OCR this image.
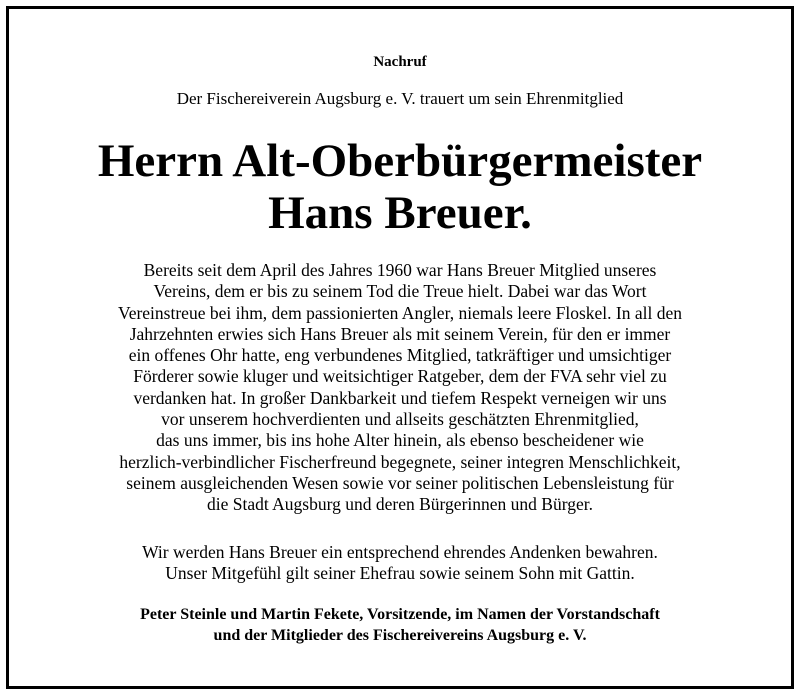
Nachruf
Der Fischereiverein Augsburg e. V. trauert um sein Ehrenmitglied
Herrn Alt-Oberbürgermeister
Hans Breuer.
Bereits seit dem April des Jahres 1960 war Hans Breuer Mitglied unseres
Vereins, dem er bis zu seinem Tod die Treue hielt. Dabei war das Wort
Vereinstreue bei ihm, dem passionierten Angler, niemals leere Floskel. In all den
Jahrzehnten erwies sich Hans Breuer als mit seinem Verein, für den er immer
ein offenes Ohr hatte, eng verbundenes Mitglied, tatkräftiger und umsichtiger
Förderer sowie kluger und weitsichtiger Ratgeber, dem der FVA sehr viel zu
verdanken hat. In großer Dankbarkeit und tiefem Respekt verneigen wir uns
vor unserem hochverdienten und allseits geschätzten Ehrenmitglied,
das uns immer, bis ins hohe Alter hinein, als ebenso bescheidener wie
herzlich-verbindlicher Fischerfreund begegnete, seiner integren Menschlichkeit,
seinem ausgleichenden Wesen sowie vor seiner politischen Lebensleistung für
die Stadt Augsburg und deren Bürgerinnen und Bürger.
Wir werden Hans Breuer ein entsprechend ehrendes Andenken bewahren.
Unser Mitgefühl gilt seiner Ehefrau sowie seinem Sohn mit Gattin.
Peter Steinle und Martin Fekete, Vorsitzende, im Namen der Vorstandschaft
und der Mitglieder des Fischereivereins Augsburg e. V.
